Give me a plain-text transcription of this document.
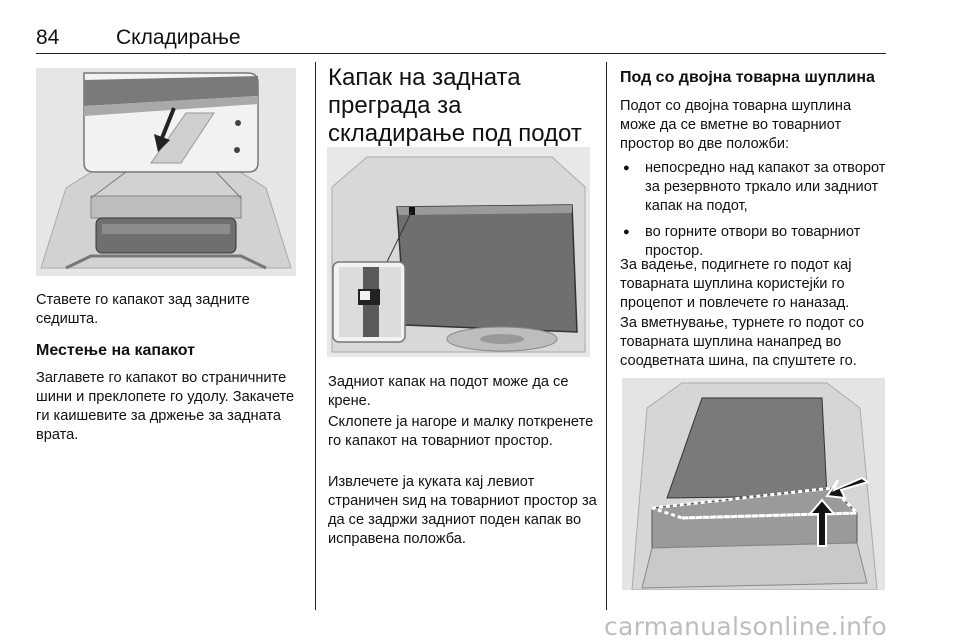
84	Складирање
Ставете го капакот зад задните седишта.
Местење на капакот
Заглавете го капакот во страничните шини и преклопете го удолу. Закачете ги каишевите за држење за задната врата.
Капак на задната преграда за складирање под подот
Задниот капак на подот може да се крене.
Склопете ја нагоре и малку поткренете го капакот на товарниот простор.
Извлечете ја куката кај левиот страничен ѕид на товарниот простор за да се задржи задниот поден капак во исправена положба.
Под со двојна товарна шуплина
Подот со двојна товарна шуплина може да се вметне во товарниот простор во две положби:
● непосредно над капакот за отворот за резервното тркало или задниот капак на подот,
● во горните отвори во товарниот простор.
За вадење, подигнете го подот кај товарната шуплина користејќи го процепот и повлечете го наназад.
За вметнување, турнете го подот со товарната шуплина нанапред во соодветната шина, па спуштете го.
carmanualsonline.info
